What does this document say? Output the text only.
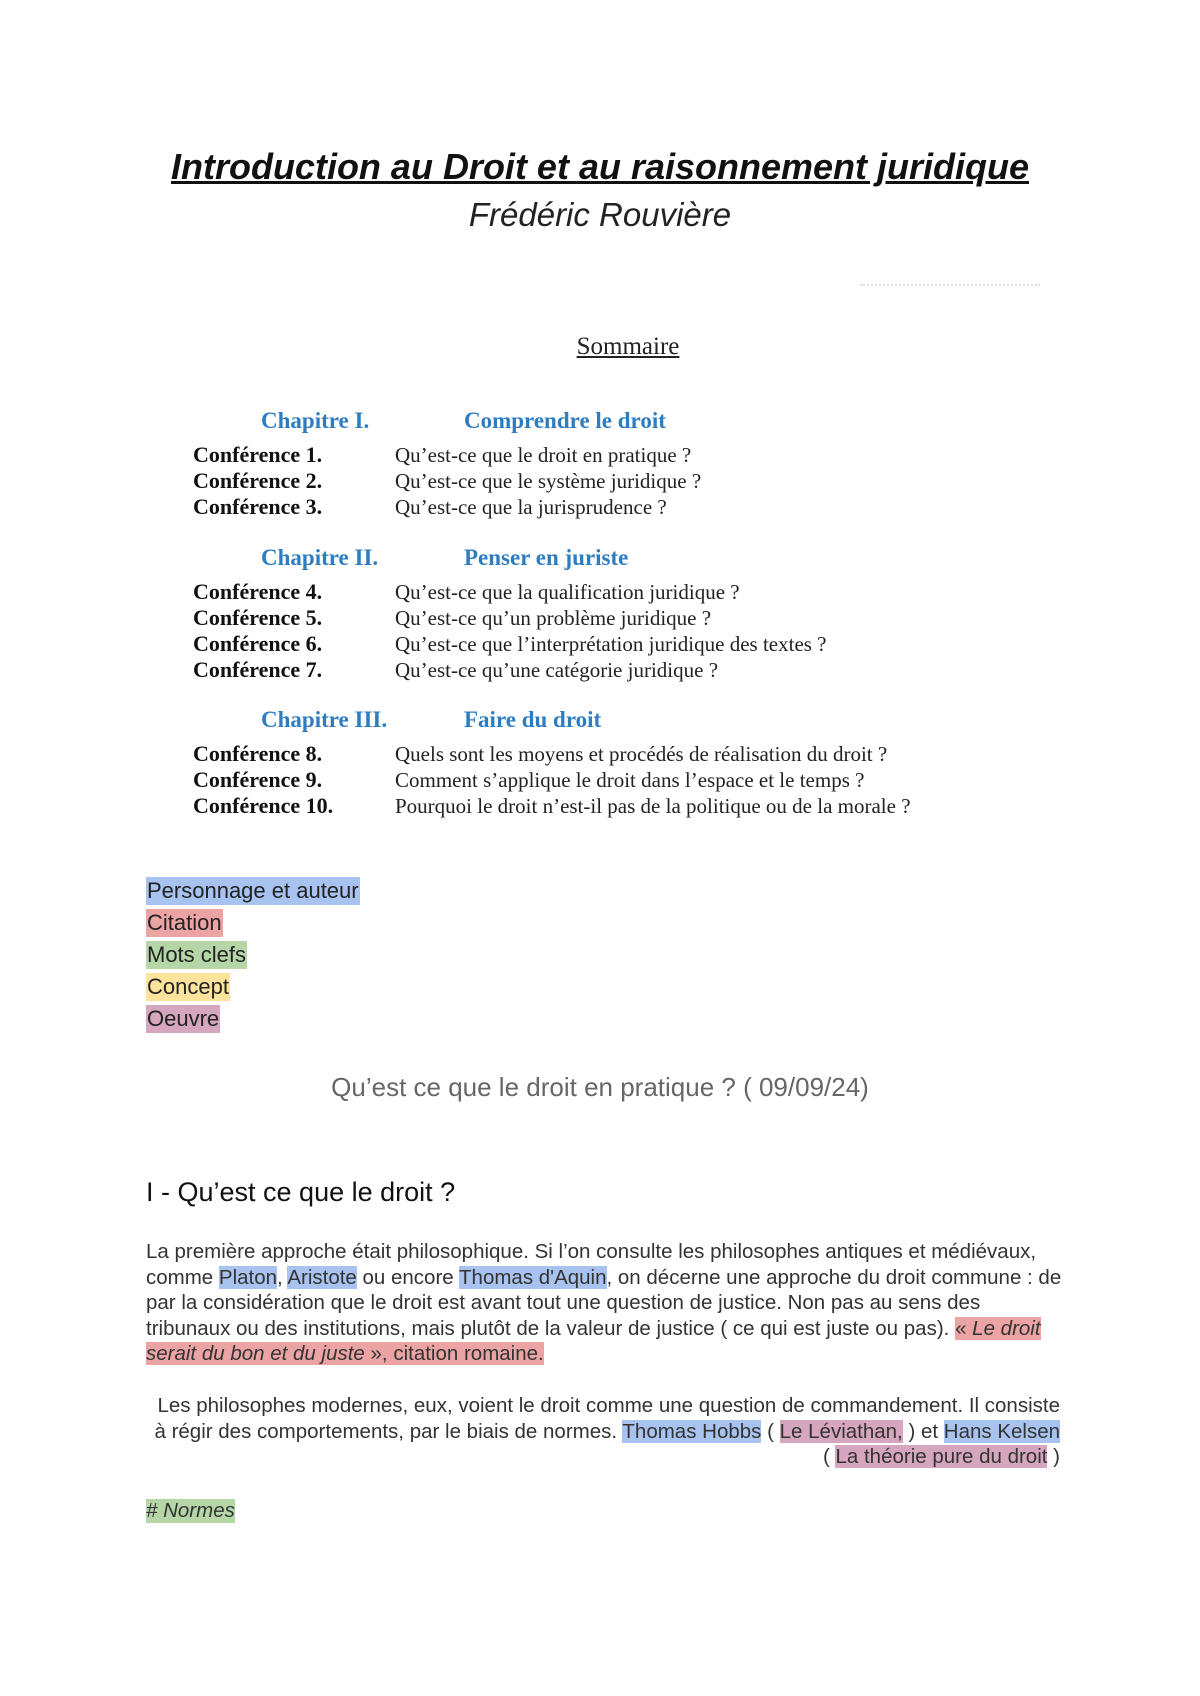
Introduction au Droit et au raisonnement juridique
Frédéric Rouvière
Sommaire
Chapitre I.	Comprendre le droit
Conférence 1.	Qu’est-ce que le droit en pratique ?
Conférence 2.	Qu’est-ce que le système juridique ?
Conférence 3.	Qu’est-ce que la jurisprudence ?
Chapitre II.	Penser en juriste
Conférence 4.	Qu’est-ce que la qualification juridique ?
Conférence 5.	Qu’est-ce qu’un problème juridique ?
Conférence 6.	Qu’est-ce que l’interprétation juridique des textes ?
Conférence 7.	Qu’est-ce qu’une catégorie juridique ?
Chapitre III.	Faire du droit
Conférence 8.	Quels sont les moyens et procédés de réalisation du droit ?
Conférence 9.	Comment s’applique le droit dans l’espace et le temps ?
Conférence 10.	Pourquoi le droit n’est-il pas de la politique ou de la morale ?
Personnage et auteur
Citation
Mots clefs
Concept
Oeuvre
Qu’est ce que le droit en pratique ? ( 09/09/24)
I - Qu’est ce que le droit ?
La première approche était philosophique. Si l’on consulte les philosophes antiques et médiévaux, comme Platon, Aristote ou encore Thomas d'Aquin, on décerne une approche du droit commune : de par la considération que le droit est avant tout une question de justice. Non pas au sens des tribunaux ou des institutions, mais plutôt de la valeur de justice ( ce qui est juste ou pas). « Le droit serait du bon et du juste », citation romaine.
Les philosophes modernes, eux, voient le droit comme une question de commandement. Il consiste à régir des comportements, par le biais de normes. Thomas Hobbs ( Le Léviathan, ) et Hans Kelsen ( La théorie pure du droit )
# Normes
